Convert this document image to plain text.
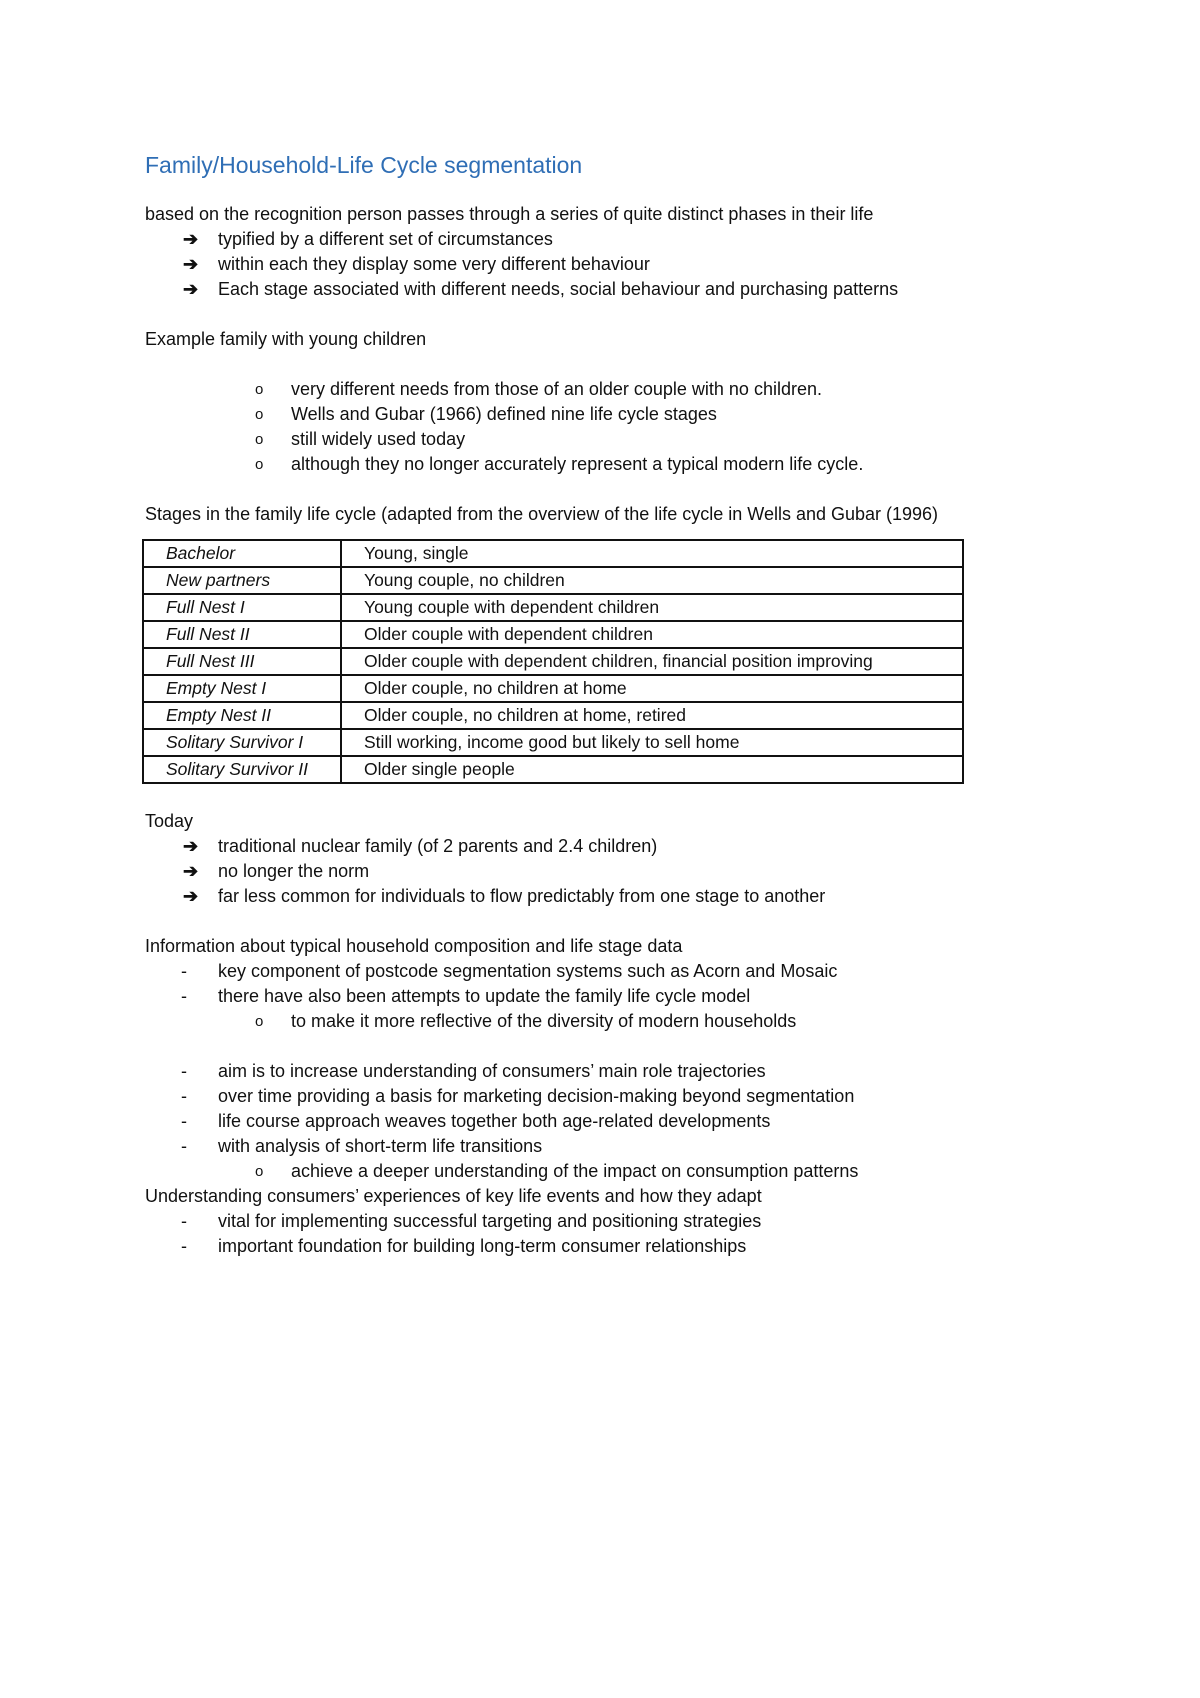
Family/Household-Life Cycle segmentation

based on the recognition person passes through a series of quite distinct phases in their life

➔ typified by a different set of circumstances
➔ within each they display some very different behaviour
➔ Each stage associated with different needs, social behaviour and purchasing patterns

Example family with young children

o very different needs from those of an older couple with no children.
o Wells and Gubar (1966) defined nine life cycle stages
o still widely used today
o although they no longer accurately represent a typical modern life cycle.

Stages in the family life cycle (adapted from the overview of the life cycle in Wells and Gubar (1996)

Bachelor	Young, single
New partners	Young couple, no children
Full Nest I	Young couple with dependent children
Full Nest II	Older couple with dependent children
Full Nest III	Older couple with dependent children, financial position improving
Empty Nest I	Older couple, no children at home
Empty Nest II	Older couple, no children at home, retired
Solitary Survivor I	Still working, income good but likely to sell home
Solitary Survivor II	Older single people

Today

➔ traditional nuclear family (of 2 parents and 2.4 children)
➔ no longer the norm
➔ far less common for individuals to flow predictably from one stage to another

Information about typical household composition and life stage data

- key component of postcode segmentation systems such as Acorn and Mosaic
- there have also been attempts to update the family life cycle model
o to make it more reflective of the diversity of modern households
- aim is to increase understanding of consumers’ main role trajectories
- over time providing a basis for marketing decision-making beyond segmentation
- life course approach weaves together both age-related developments
- with analysis of short-term life transitions
o achieve a deeper understanding of the impact on consumption patterns

Understanding consumers’ experiences of key life events and how they adapt

- vital for implementing successful targeting and positioning strategies
- important foundation for building long-term consumer relationships
